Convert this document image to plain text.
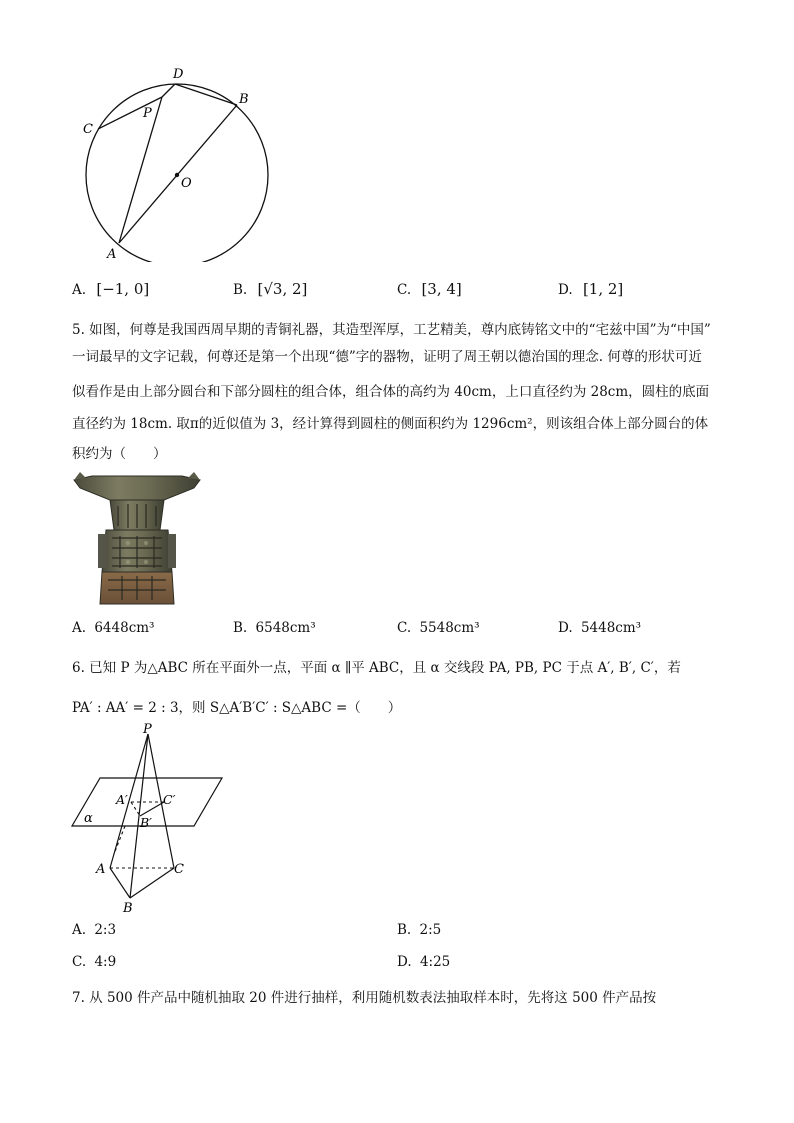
D
P
B
C
O
A
A. [−1, 0]	B. [√3, 2]	C. [3, 4]	D. [1, 2]
5. 如图，何尊是我国西周早期的青铜礼器，其造型浑厚，工艺精美，尊内底铸铭文中的“宅兹中国”为“中国”
一词最早的文字记载，何尊还是第一个出现“德”字的器物，证明了周王朝以德治国的理念. 何尊的形状可近
似看作是由上部分圆台和下部分圆柱的组合体，组合体的高约为 40cm，上口直径约为 28cm，圆柱的底面
直径约为 18cm. 取π的近似值为 3，经计算得到圆柱的侧面积约为 1296cm²，则该组合体上部分圆台的体
积约为（　　）
A. 6448cm³	B. 6548cm³	C. 5548cm³	D. 5448cm³
6. 已知 P 为△ABC 所在平面外一点，平面 α ∥平 ABC，且 α 交线段 PA, PB, PC 于点 A′, B′, C′，若
PA′ : AA′ = 2 : 3，则 S△A′B′C′ : S△ABC =（　　）
P
A′	C′
B′
α
A	C
B
A. 2:3	B. 2:5
C. 4:9	D. 4:25
7. 从 500 件产品中随机抽取 20 件进行抽样，利用随机数表法抽取样本时，先将这 500 件产品按
